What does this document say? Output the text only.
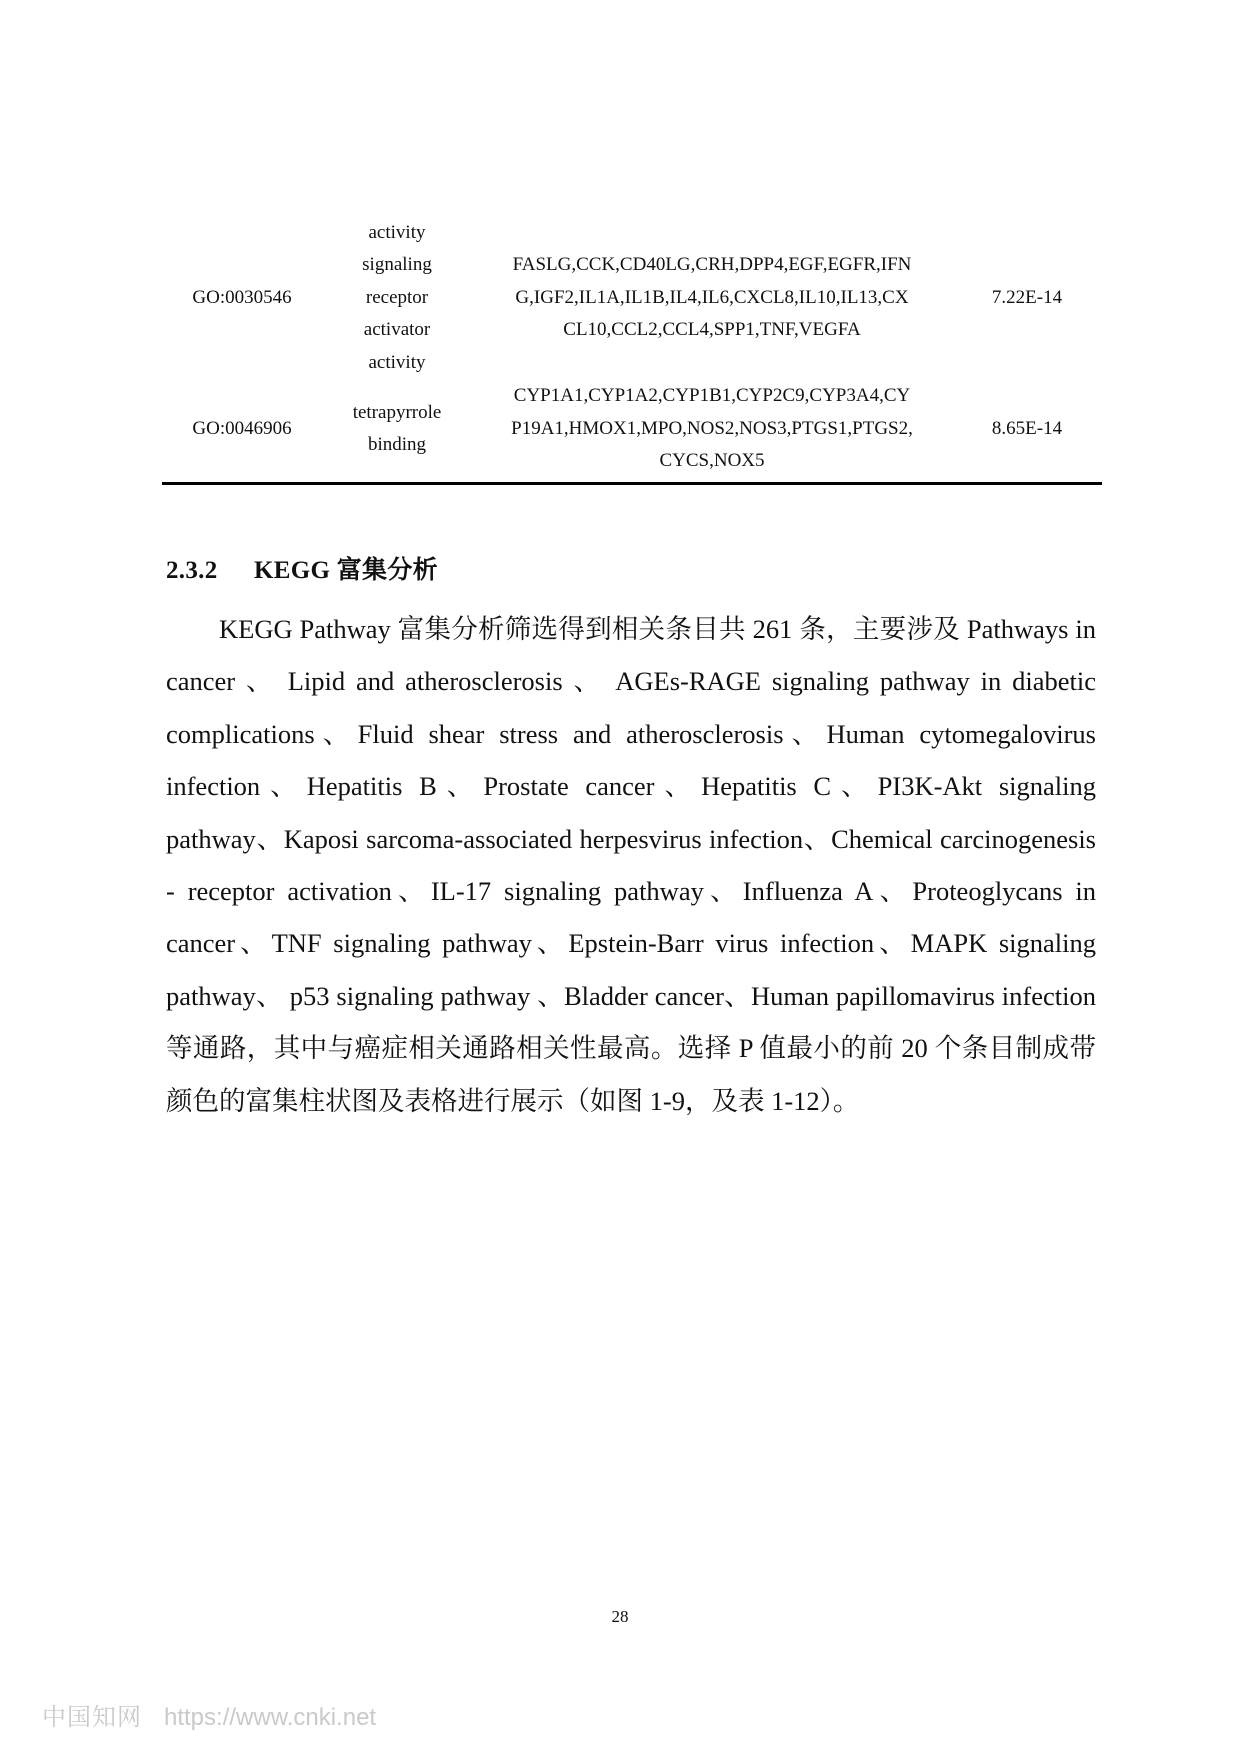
GO:0030546
activity
signaling
receptor
activator
activity
FASLG,CCK,CD40LG,CRH,DPP4,EGF,EGFR,IFN
G,IGF2,IL1A,IL1B,IL4,IL6,CXCL8,IL10,IL13,CX
CL10,CCL2,CCL4,SPP1,TNF,VEGFA
7.22E-14
GO:0046906
tetrapyrrole
binding
CYP1A1,CYP1A2,CYP1B1,CYP2C9,CYP3A4,CY
P19A1,HMOX1,MPO,NOS2,NOS3,PTGS1,PTGS2,
CYCS,NOX5
8.65E-14
2.3.2 KEGG 富集分析

KEGG Pathway 富集分析筛选得到相关条目共 261 条，主要涉及 Pathways in cancer 、 Lipid and atherosclerosis 、 AGEs-RAGE signaling pathway in diabetic complications、Fluid shear stress and atherosclerosis、Human cytomegalovirus infection、Hepatitis B、Prostate cancer、Hepatitis C、PI3K-Akt signaling pathway、Kaposi sarcoma-associated herpesvirus infection、Chemical carcinogenesis - receptor activation、IL-17 signaling pathway、Influenza A、Proteoglycans in cancer、TNF signaling pathway、Epstein-Barr virus infection、MAPK signaling pathway、 p53 signaling pathway 、Bladder cancer、Human papillomavirus infection 等通路，其中与癌症相关通路相关性最高。选择 P 值最小的前 20 个条目制成带颜色的富集柱状图及表格进行展示（如图 1-9，及表 1-12）。

28
中国知网 https://www.cnki.net
